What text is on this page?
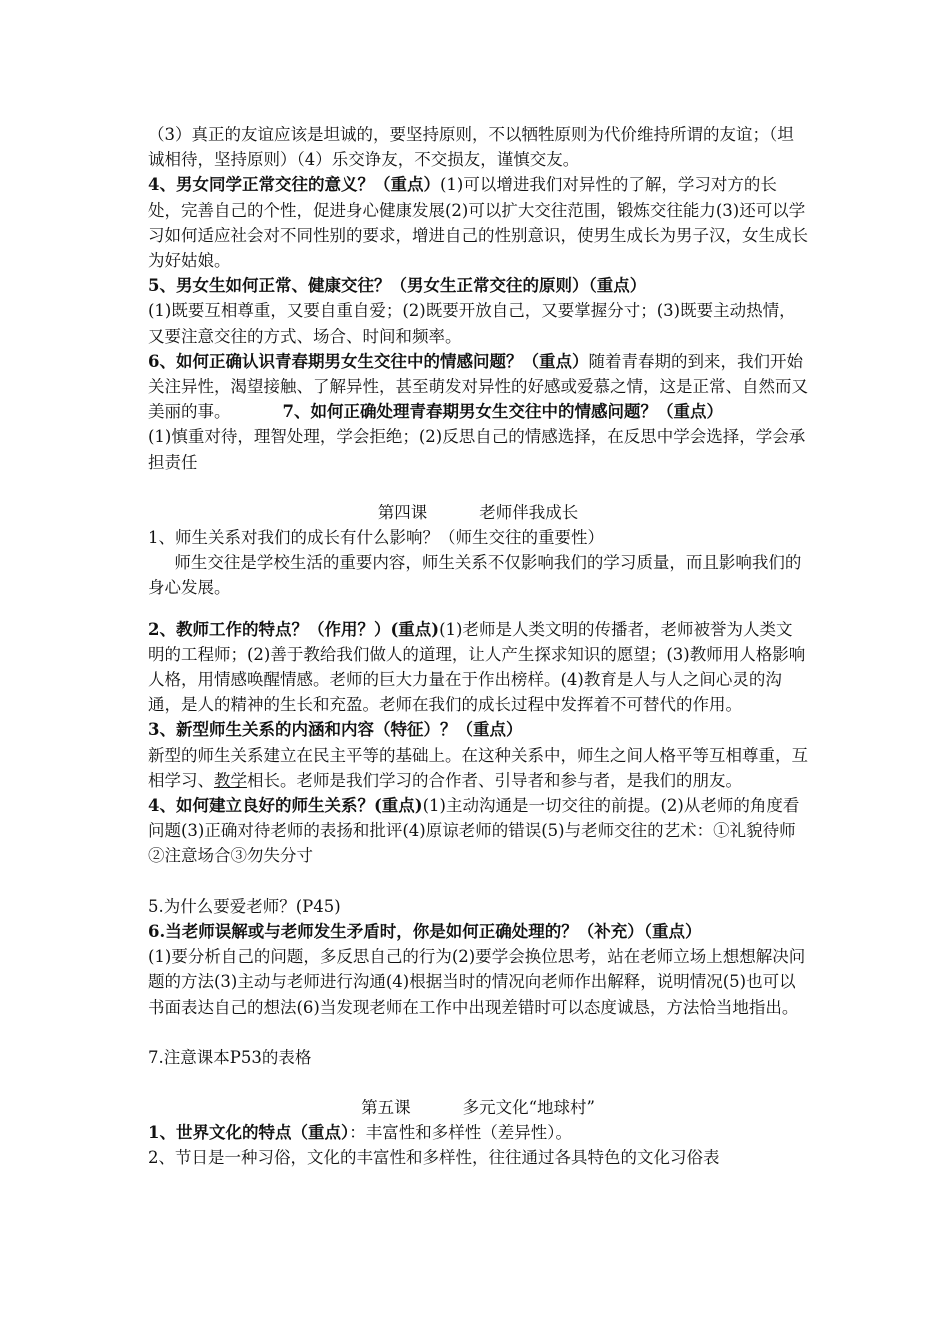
（3）真正的友谊应该是坦诚的，要坚持原则，不以牺牲原则为代价维持所谓的友谊；（坦诚相待，坚持原则）（4）乐交诤友，不交损友，谨慎交友。

4、男女同学正常交往的意义？（重点）(1)可以增进我们对异性的了解，学习对方的长处，完善自己的个性，促进身心健康发展(2)可以扩大交往范围，锻炼交往能力(3)还可以学习如何适应社会对不同性别的要求，增进自己的性别意识，使男生成长为男子汉，女生成长为好姑娘。

5、男女生如何正常、健康交往？（男女生正常交往的原则）（重点）

(1)既要互相尊重，又要自重自爱；(2)既要开放自己，又要掌握分寸；(3)既要主动热情，又要注意交往的方式、场合、时间和频率。

6、如何正确认识青春期男女生交往中的情感问题？（重点）随着青春期的到来，我们开始关注异性，渴望接触、了解异性，甚至萌发对异性的好感或爱慕之情，这是正常、自然而又美丽的事。	7、如何正确处理青春期男女生交往中的情感问题？（重点）

(1)慎重对待，理智处理，学会拒绝；(2)反思自己的情感选择，在反思中学会选择，学会承担责任

第四课	老师伴我成长

1、师生关系对我们的成长有什么影响？（师生交往的重要性）

师生交往是学校生活的重要内容，师生关系不仅影响我们的学习质量，而且影响我们的身心发展。

2、教师工作的特点？（作用？）(重点)(1)老师是人类文明的传播者，老师被誉为人类文明的工程师；(2)善于教给我们做人的道理，让人产生探求知识的愿望；(3)教师用人格影响人格，用情感唤醒情感。老师的巨大力量在于作出榜样。(4)教育是人与人之间心灵的沟通，是人的精神的生长和充盈。老师在我们的成长过程中发挥着不可替代的作用。

3、新型师生关系的内涵和内容（特征）？（重点）

新型的师生关系建立在民主平等的基础上。在这种关系中，师生之间人格平等互相尊重，互相学习、教学相长。老师是我们学习的合作者、引导者和参与者，是我们的朋友。

4、如何建立良好的师生关系？(重点)(1)主动沟通是一切交往的前提。(2)从老师的角度看问题(3)正确对待老师的表扬和批评(4)原谅老师的错误(5)与老师交往的艺术：①礼貌待师②注意场合③勿失分寸

5.为什么要爱老师？(P45)

6.当老师误解或与老师发生矛盾时，你是如何正确处理的？（补充）（重点）

(1)要分析自己的问题，多反思自己的行为(2)要学会换位思考，站在老师立场上想想解决问题的方法(3)主动与老师进行沟通(4)根据当时的情况向老师作出解释，说明情况(5)也可以书面表达自己的想法(6)当发现老师在工作中出现差错时可以态度诚恳，方法恰当地指出。

7.注意课本P53的表格

第五课	多元文化“地球村”

1、世界文化的特点（重点）：丰富性和多样性（差异性）。

2、节日是一种习俗，文化的丰富性和多样性，往往通过各具特色的文化习俗表
